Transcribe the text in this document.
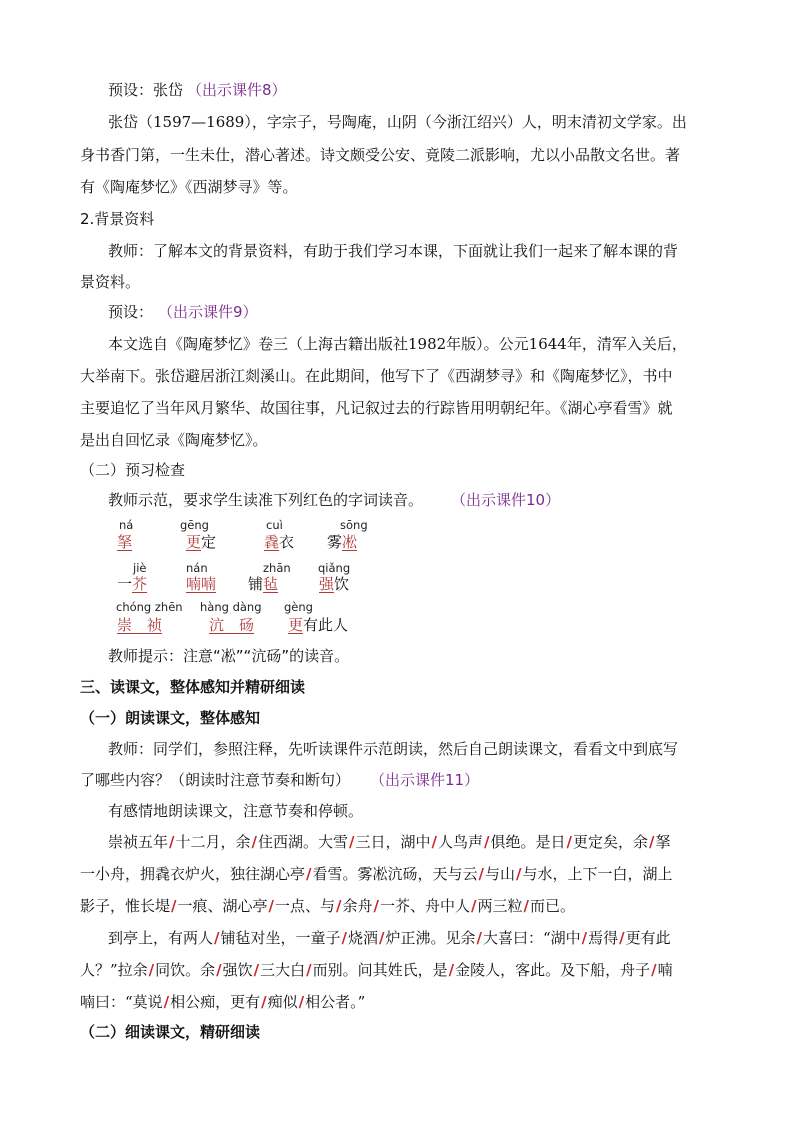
预设：张岱 （出示课件8）
张岱（1597—1689），字宗子，号陶庵，山阴（今浙江绍兴）人，明末清初文学家。出
身书香门第，一生未仕，潜心著述。诗文颇受公安、竟陵二派影响，尤以小品散文名世。著
有《陶庵梦忆》《西湖梦寻》等。
2.背景资料
教师：了解本文的背景资料，有助于我们学习本课，下面就让我们一起来了解本课的背
景资料。
预设： （出示课件9）
本文选自《陶庵梦忆》卷三（上海古籍出版社1982年版）。公元1644年，清军入关后，
大举南下。张岱避居浙江剡溪山。在此期间，他写下了《西湖梦寻》和《陶庵梦忆》，书中
主要追忆了当年风月繁华、故国往事，凡记叙过去的行踪皆用明朝纪年。《湖心亭看雪》就
是出自回忆录《陶庵梦忆》。
（二）预习检查
教师示范，要求学生读准下列红色的字词读音。 （出示课件10）
ná
拏
gēng
更定
cuì
毳衣
sōng
雾凇
jiè
一芥
nán
喃喃
zhān
铺毡
qiǎng
强饮
chóng zhēn
崇　祯
hàng dàng
沆　砀
gèng
更有此人
教师提示：注意“凇”“沆砀”的读音。
三、读课文，整体感知并精研细读
（一）朗读课文，整体感知
教师：同学们，参照注释，先听读课件示范朗读，然后自己朗读课文，看看文中到底写
了哪些内容？（朗读时注意节奏和断句） （出示课件11）
有感情地朗读课文，注意节奏和停顿。
崇祯五年/十二月，余/住西湖。大雪/三日，湖中/人鸟声/俱绝。是日/更定矣，余/拏
一小舟，拥毳衣炉火，独往湖心亭/看雪。雾凇沆砀，天与云/与山/与水，上下一白，湖上
影子，惟长堤/一痕、湖心亭/一点、与/余舟/一芥、舟中人/两三粒/而已。
到亭上，有两人/铺毡对坐，一童子/烧酒/炉正沸。见余/大喜曰：“湖中/焉得/更有此
人？”拉余/同饮。余/强饮/三大白/而别。问其姓氏，是/金陵人，客此。及下船，舟子/喃
喃曰：“莫说/相公痴，更有/痴似/相公者。”
（二）细读课文，精研细读
